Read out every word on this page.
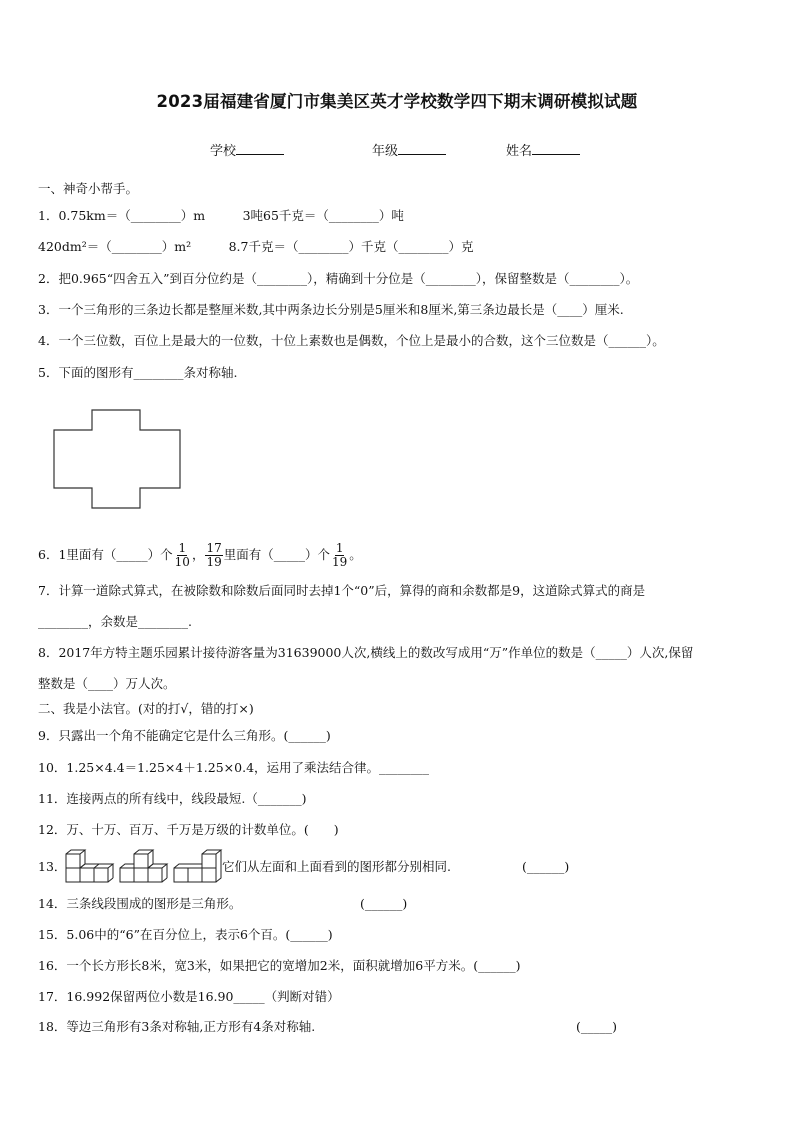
2023届福建省厦门市集美区英才学校数学四下期末调研模拟试题
学校	年级	姓名
一、神奇小帮手。
1．0.75km＝（________）m　　　3吨65千克＝（________）吨
420dm²＝（________）m²　　　8.7千克＝（________）千克（________）克
2．把0.965“四舍五入”到百分位约是（________），精确到十分位是（________），保留整数是（________）。
3．一个三角形的三条边长都是整厘米数,其中两条边长分别是5厘米和8厘米,第三条边最长是（____）厘米.
4．一个三位数，百位上是最大的一位数，十位上素数也是偶数，个位上是最小的合数，这个三位数是（______）。
5．下面的图形有________条对称轴.
6．1里面有（_____）个 $\frac{1}{10}$ ， $\frac{17}{19}$ 里面有（_____）个 $\frac{1}{19}$ 。
7．计算一道除式算式，在被除数和除数后面同时去掉1个“0”后，算得的商和余数都是9，这道除式算式的商是
________，余数是________.
8．2017年方特主题乐园累计接待游客量为31639000人次,横线上的数改写成用“万”作单位的数是（_____）人次,保留
整数是（____）万人次。
二、我是小法官。(对的打√，错的打×)
9．只露出一个角不能确定它是什么三角形。(______)
10．1.25×4.4＝1.25×4＋1.25×0.4，运用了乘法结合律。________
11．连接两点的所有线中，线段最短.（_______)
12．万、十万、百万、千万是万级的计数单位。(　　)
13．	它们从左面和上面看到的图形都分别相同.	(______)
14．三条线段围成的图形是三角形。	(______)
15．5.06中的“6”在百分位上，表示6个百。(______)
16．一个长方形长8米，宽3米，如果把它的宽增加2米，面积就增加6平方米。(______)
17．16.992保留两位小数是16.90_____（判断对错）
18．等边三角形有3条对称轴,正方形有4条对称轴.	(_____)
